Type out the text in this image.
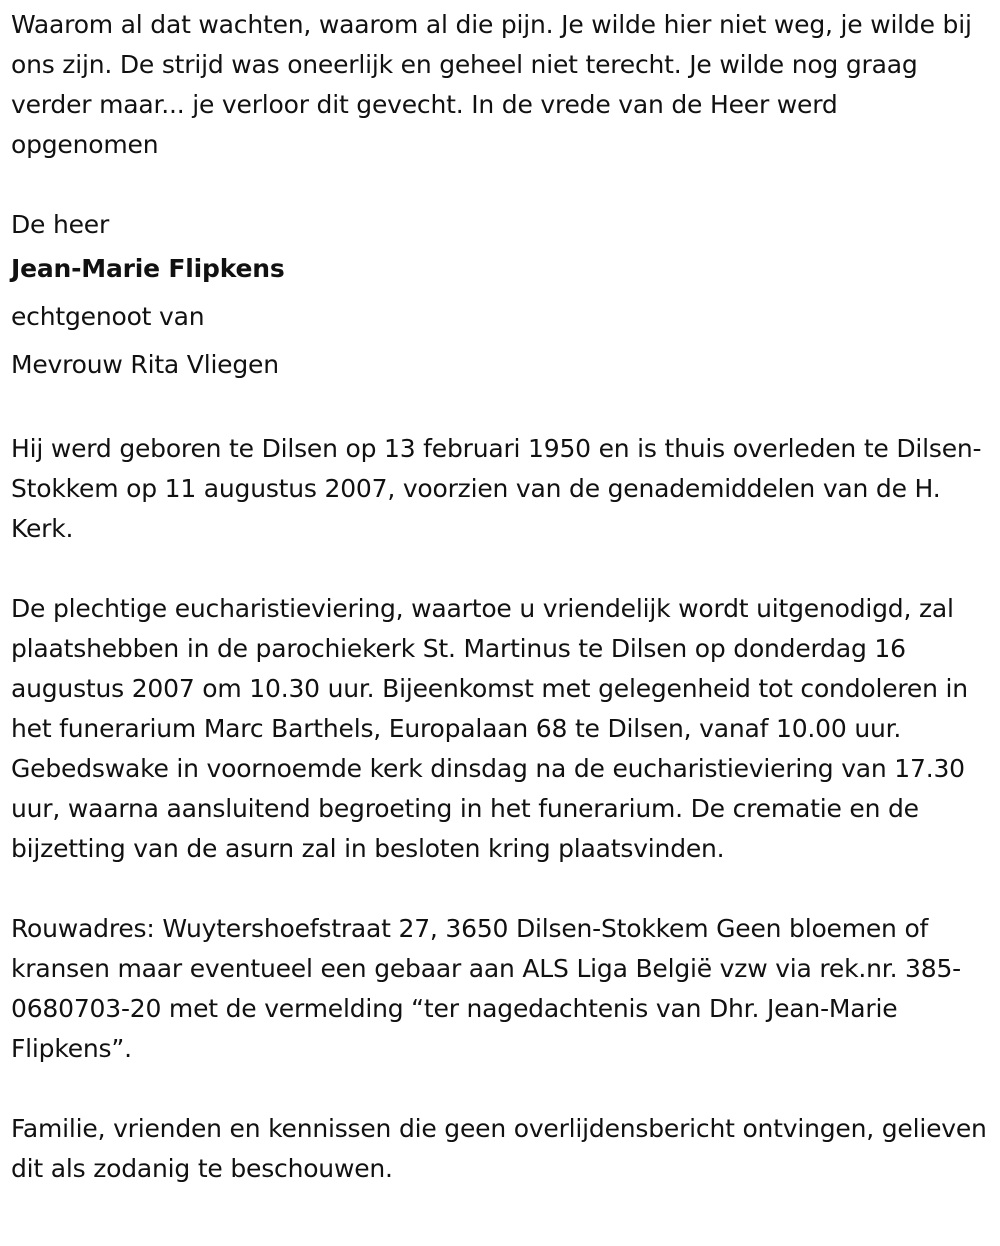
Waarom al dat wachten, waarom al die pijn. Je wilde hier niet weg, je wilde bij ons zijn. De strijd was oneerlijk en geheel niet terecht. Je wilde nog graag verder maar... je verloor dit gevecht. In de vrede van de Heer werd opgenomen

De heer

Jean-Marie Flipkens

echtgenoot van

Mevrouw Rita Vliegen

Hij werd geboren te Dilsen op 13 februari 1950 en is thuis overleden te Dilsen-Stokkem op 11 augustus 2007, voorzien van de genademiddelen van de H. Kerk.

De plechtige eucharistieviering, waartoe u vriendelijk wordt uitgenodigd, zal plaatshebben in de parochiekerk St. Martinus te Dilsen op donderdag 16 augustus 2007 om 10.30 uur. Bijeenkomst met gelegenheid tot condoleren in het funerarium Marc Barthels, Europalaan 68 te Dilsen, vanaf 10.00 uur. Gebedswake in voornoemde kerk dinsdag na de eucharistieviering van 17.30 uur, waarna aansluitend begroeting in het funerarium. De crematie en de bijzetting van de asurn zal in besloten kring plaatsvinden.

Rouwadres: Wuytershoefstraat 27, 3650 Dilsen-Stokkem Geen bloemen of kransen maar eventueel een gebaar aan ALS Liga België vzw via rek.nr. 385-0680703-20 met de vermelding “ter nagedachtenis van Dhr. Jean-Marie Flipkens”.

Familie, vrienden en kennissen die geen overlijdensbericht ontvingen, gelieven dit als zodanig te beschouwen.
